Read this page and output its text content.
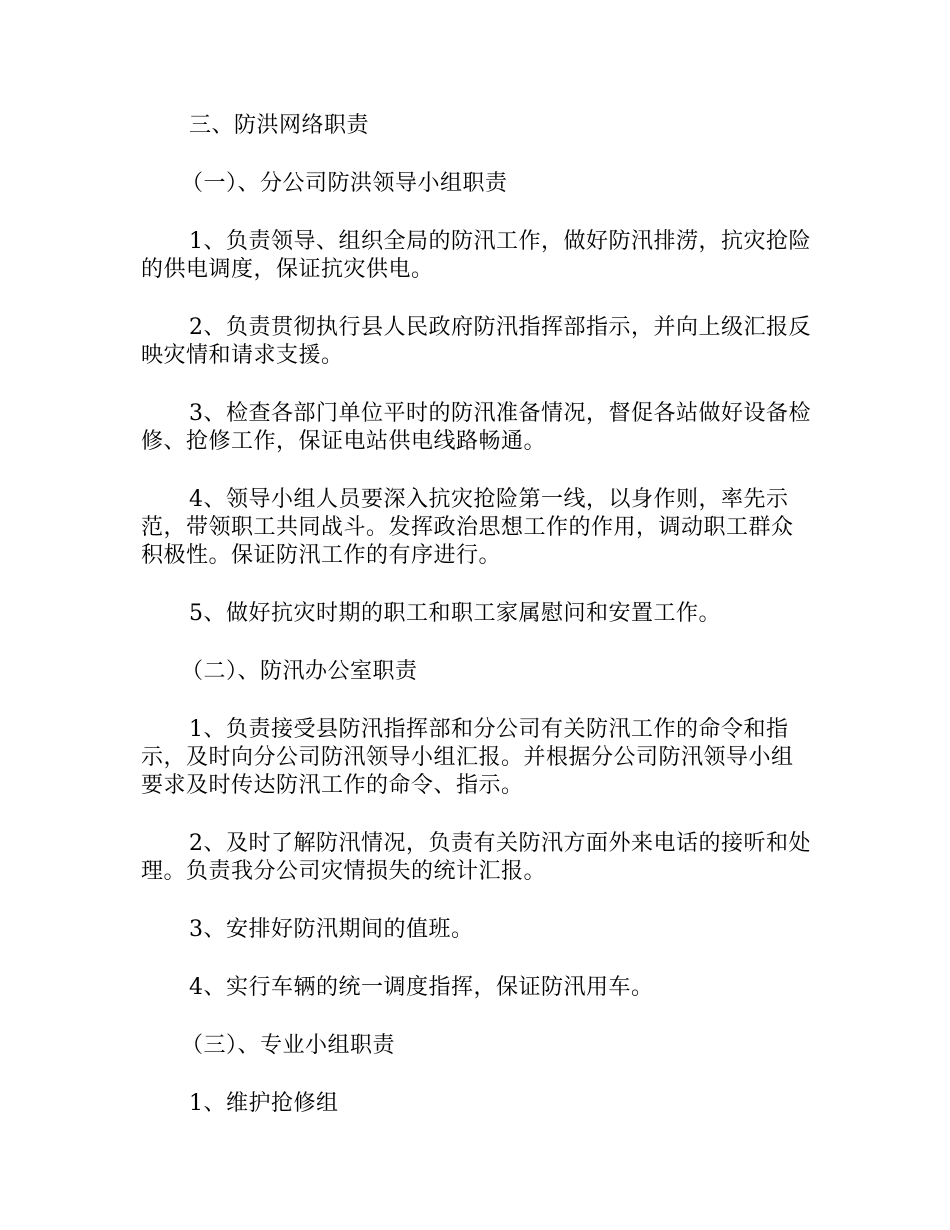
三、防洪网络职责

（一）、分公司防洪领导小组职责

1、负责领导、组织全局的防汛工作，做好防汛排涝，抗灾抢险的供电调度，保证抗灾供电。

2、负责贯彻执行县人民政府防汛指挥部指示，并向上级汇报反映灾情和请求支援。

3、检查各部门单位平时的防汛准备情况，督促各站做好设备检修、抢修工作，保证电站供电线路畅通。

4、领导小组人员要深入抗灾抢险第一线，以身作则，率先示范，带领职工共同战斗。发挥政治思想工作的作用，调动职工群众积极性。保证防汛工作的有序进行。

5、做好抗灾时期的职工和职工家属慰问和安置工作。

（二）、防汛办公室职责

1、负责接受县防汛指挥部和分公司有关防汛工作的命令和指示，及时向分公司防汛领导小组汇报。并根据分公司防汛领导小组要求及时传达防汛工作的命令、指示。

2、及时了解防汛情况，负责有关防汛方面外来电话的接听和处理。负责我分公司灾情损失的统计汇报。

3、安排好防汛期间的值班。

4、实行车辆的统一调度指挥，保证防汛用车。

（三）、专业小组职责

1、维护抢修组
